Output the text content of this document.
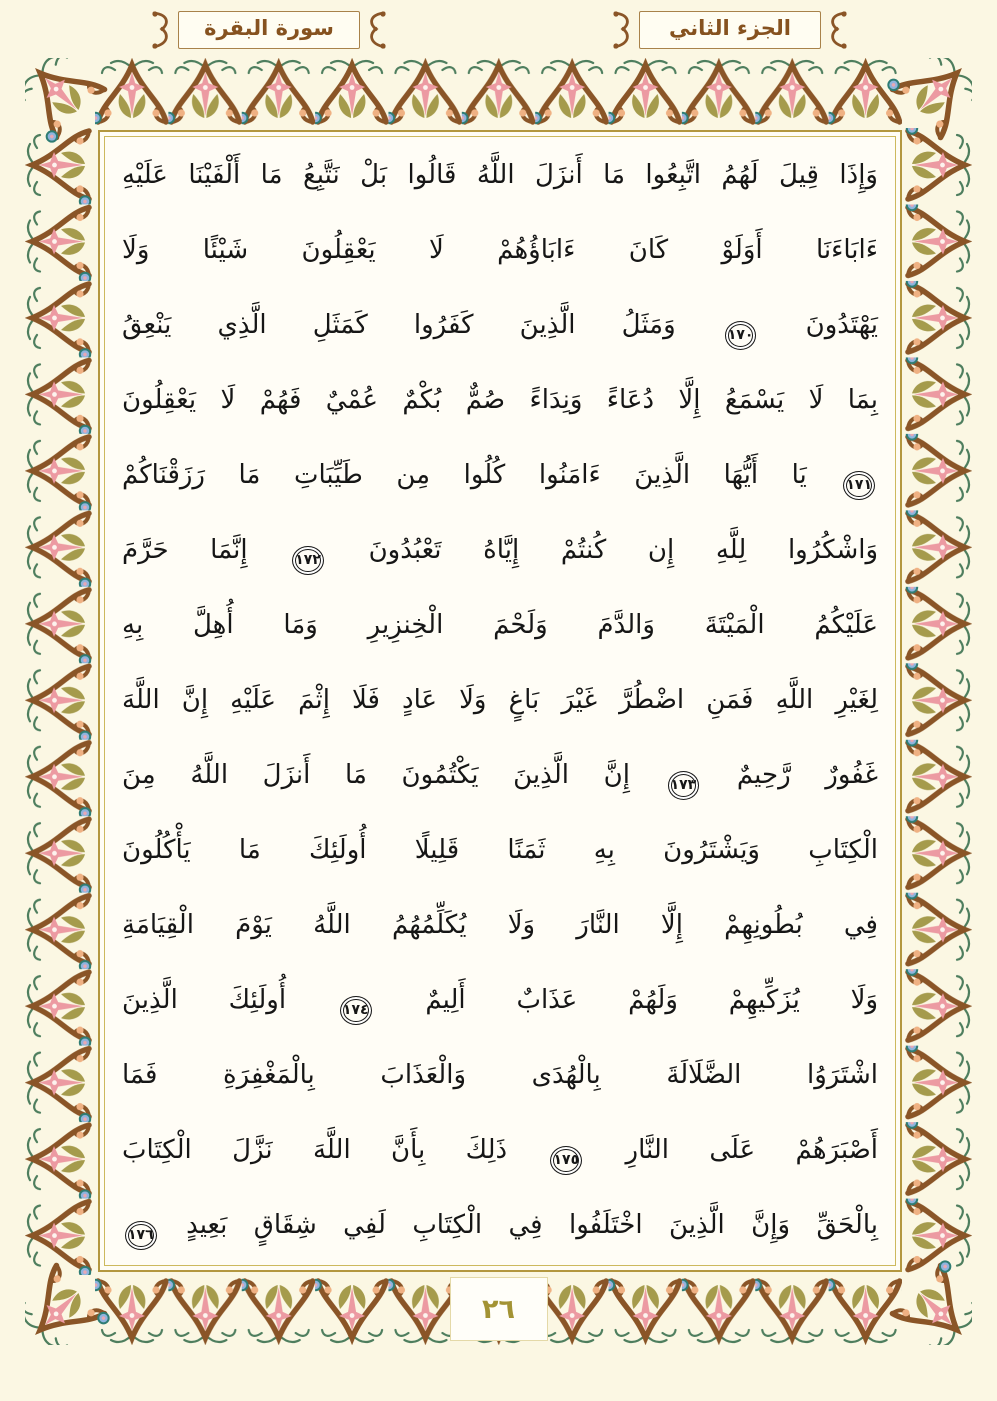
الجزء الثاني
سورة البقرة
وَإِذَا قِيلَ لَهُمُ اتَّبِعُوا مَا أَنزَلَ اللَّهُ قَالُوا بَلْ نَتَّبِعُ مَا أَلْفَيْنَا عَلَيْهِ
ءَابَاءَنَا أَوَلَوْ كَانَ ءَابَاؤُهُمْ لَا يَعْقِلُونَ شَيْئًا وَلَا
يَهْتَدُونَ ١٧٠ وَمَثَلُ الَّذِينَ كَفَرُوا كَمَثَلِ الَّذِي يَنْعِقُ
بِمَا لَا يَسْمَعُ إِلَّا دُعَاءً وَنِدَاءً صُمٌّ بُكْمٌ عُمْيٌ فَهُمْ لَا يَعْقِلُونَ
١٧١ يَا أَيُّهَا الَّذِينَ ءَامَنُوا كُلُوا مِن طَيِّبَاتِ مَا رَزَقْنَاكُمْ
وَاشْكُرُوا لِلَّهِ إِن كُنتُمْ إِيَّاهُ تَعْبُدُونَ ١٧٢ إِنَّمَا حَرَّمَ
عَلَيْكُمُ الْمَيْتَةَ وَالدَّمَ وَلَحْمَ الْخِنزِيرِ وَمَا أُهِلَّ بِهِ
لِغَيْرِ اللَّهِ فَمَنِ اضْطُرَّ غَيْرَ بَاغٍ وَلَا عَادٍ فَلَا إِثْمَ عَلَيْهِ إِنَّ اللَّهَ
غَفُورٌ رَّحِيمٌ ١٧٣ إِنَّ الَّذِينَ يَكْتُمُونَ مَا أَنزَلَ اللَّهُ مِنَ
الْكِتَابِ وَيَشْتَرُونَ بِهِ ثَمَنًا قَلِيلًا أُولَئِكَ مَا يَأْكُلُونَ
فِي بُطُونِهِمْ إِلَّا النَّارَ وَلَا يُكَلِّمُهُمُ اللَّهُ يَوْمَ الْقِيَامَةِ
وَلَا يُزَكِّيهِمْ وَلَهُمْ عَذَابٌ أَلِيمٌ ١٧٤ أُولَئِكَ الَّذِينَ
اشْتَرَوُا الضَّلَالَةَ بِالْهُدَى وَالْعَذَابَ بِالْمَغْفِرَةِ فَمَا
أَصْبَرَهُمْ عَلَى النَّارِ ١٧٥ ذَلِكَ بِأَنَّ اللَّهَ نَزَّلَ الْكِتَابَ
بِالْحَقِّ وَإِنَّ الَّذِينَ اخْتَلَفُوا فِي الْكِتَابِ لَفِي شِقَاقٍ بَعِيدٍ ١٧٦
٢٦
